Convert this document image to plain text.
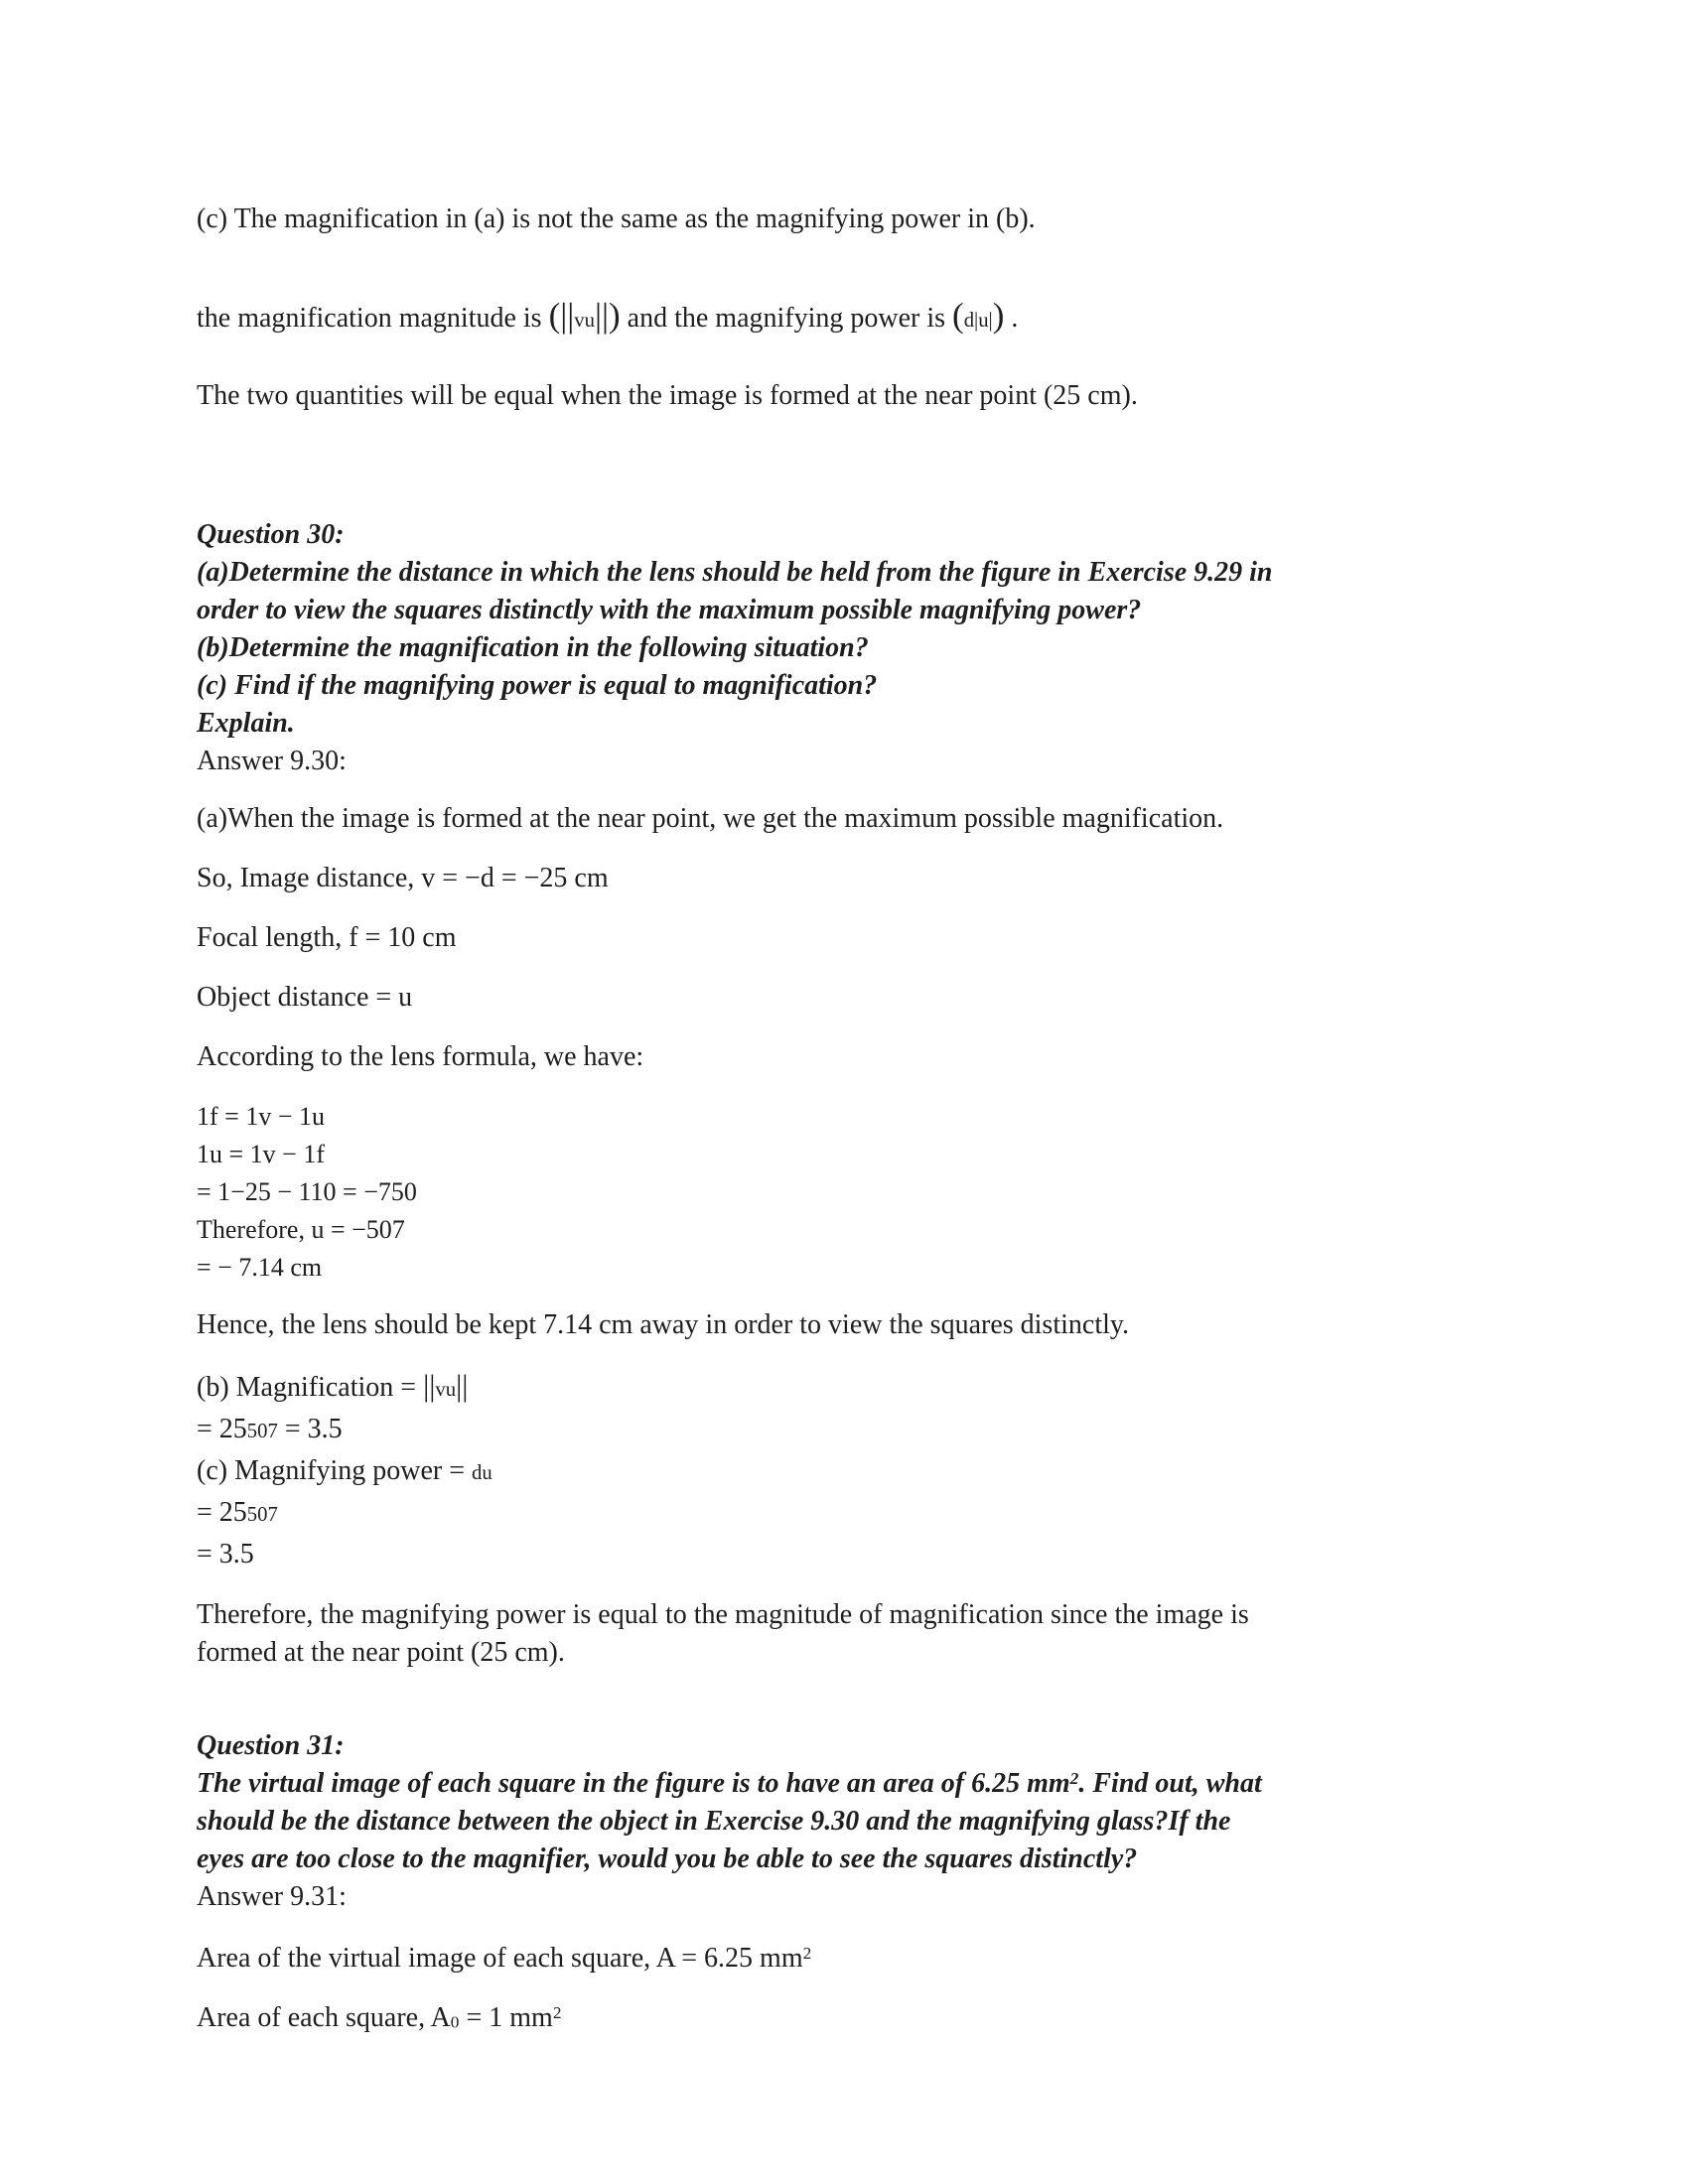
(c) The magnification in (a) is not the same as the magnifying power in (b).

the magnification magnitude is (||vu||) and the magnifying power is (d|u|) .

The two quantities will be equal when the image is formed at the near point (25 cm).

Question 30:
(a)Determine the distance in which the lens should be held from the figure in Exercise 9.29 in
order to view the squares distinctly with the maximum possible magnifying power?
(b)Determine the magnification in the following situation?
(c) Find if the magnifying power is equal to magnification?
Explain.
Answer 9.30:

(a)When the image is formed at the near point, we get the maximum possible magnification.

So, Image distance, v = −d = −25 cm

Focal length, f = 10 cm

Object distance = u

According to the lens formula, we have:

1f = 1v − 1u
1u = 1v − 1f
= 1−25 − 110 = −750
Therefore, u = −507
= − 7.14 cm

Hence, the lens should be kept 7.14 cm away in order to view the squares distinctly.

(b) Magnification = ||vu||
= 25507 = 3.5
(c) Magnifying power = du
= 25507
= 3.5

Therefore, the magnifying power is equal to the magnitude of magnification since the image is
formed at the near point (25 cm).

Question 31:
The virtual image of each square in the figure is to have an area of 6.25 $mm^2$. Find out, what
should be the distance between the object in Exercise 9.30 and the magnifying glass?If the
eyes are too close to the magnifier, would you be able to see the squares distinctly?
Answer 9.31:

Area of the virtual image of each square, A = 6.25 $mm^2$

Area of each square, A0 = 1 $mm^2$
